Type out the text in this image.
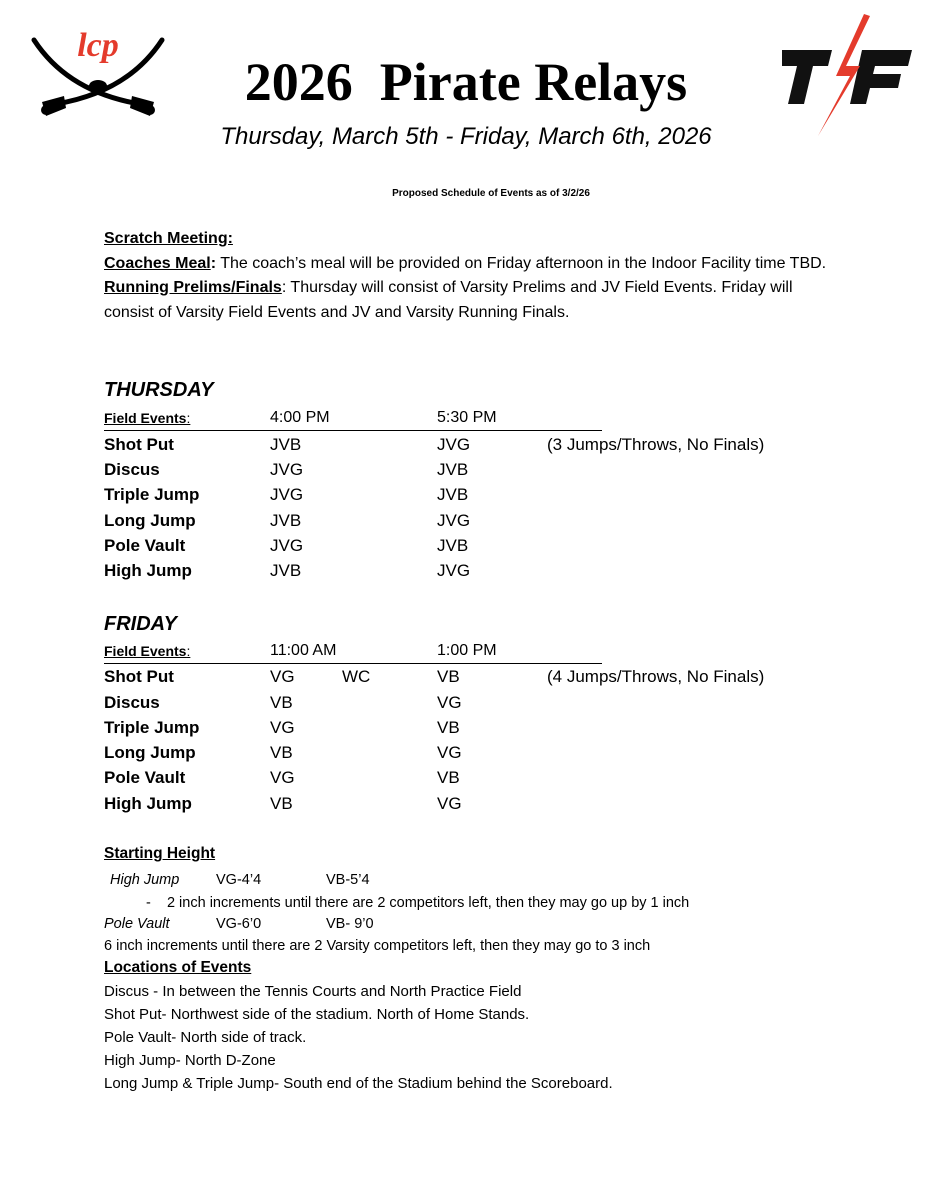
lcp
2026  Pirate Relays
T/F
Thursday, March 5th - Friday, March 6th, 2026
Proposed Schedule of Events as of 3/2/26
Scratch Meeting:
Coaches Meal: The coach’s meal will be provided on Friday afternoon in the Indoor Facility time TBD.
Running Prelims/Finals: Thursday will consist of Varsity Prelims and JV Field Events. Friday will consist of Varsity Field Events and JV and Varsity Running Finals.
THURSDAY
Field Events:	4:00 PM	5:30 PM
Shot Put	JVB	JVG	(3 Jumps/Throws, No Finals)
Discus	JVG	JVB
Triple Jump	JVG	JVB
Long Jump	JVB	JVG
Pole Vault	JVG	JVB
High Jump	JVB	JVG
FRIDAY
Field Events:	11:00 AM	1:00 PM
Shot Put	VG	WC	VB	(4 Jumps/Throws, No Finals)
Discus	VB	VG
Triple Jump	VG	VB
Long Jump	VB	VG
Pole Vault	VG	VB
High Jump	VB	VG
Starting Height
High Jump	VG-4’4	VB-5’4
- 2 inch increments until there are 2 competitors left, then they may go up by 1 inch
Pole Vault	VG-6’0	VB- 9’0
6 inch increments until there are 2 Varsity competitors left, then they may go to 3 inch
Locations of Events
Discus - In between the Tennis Courts and North Practice Field
Shot Put- Northwest side of the stadium. North of Home Stands.
Pole Vault- North side of track.
High Jump- North D-Zone
Long Jump & Triple Jump- South end of the Stadium behind the Scoreboard.
